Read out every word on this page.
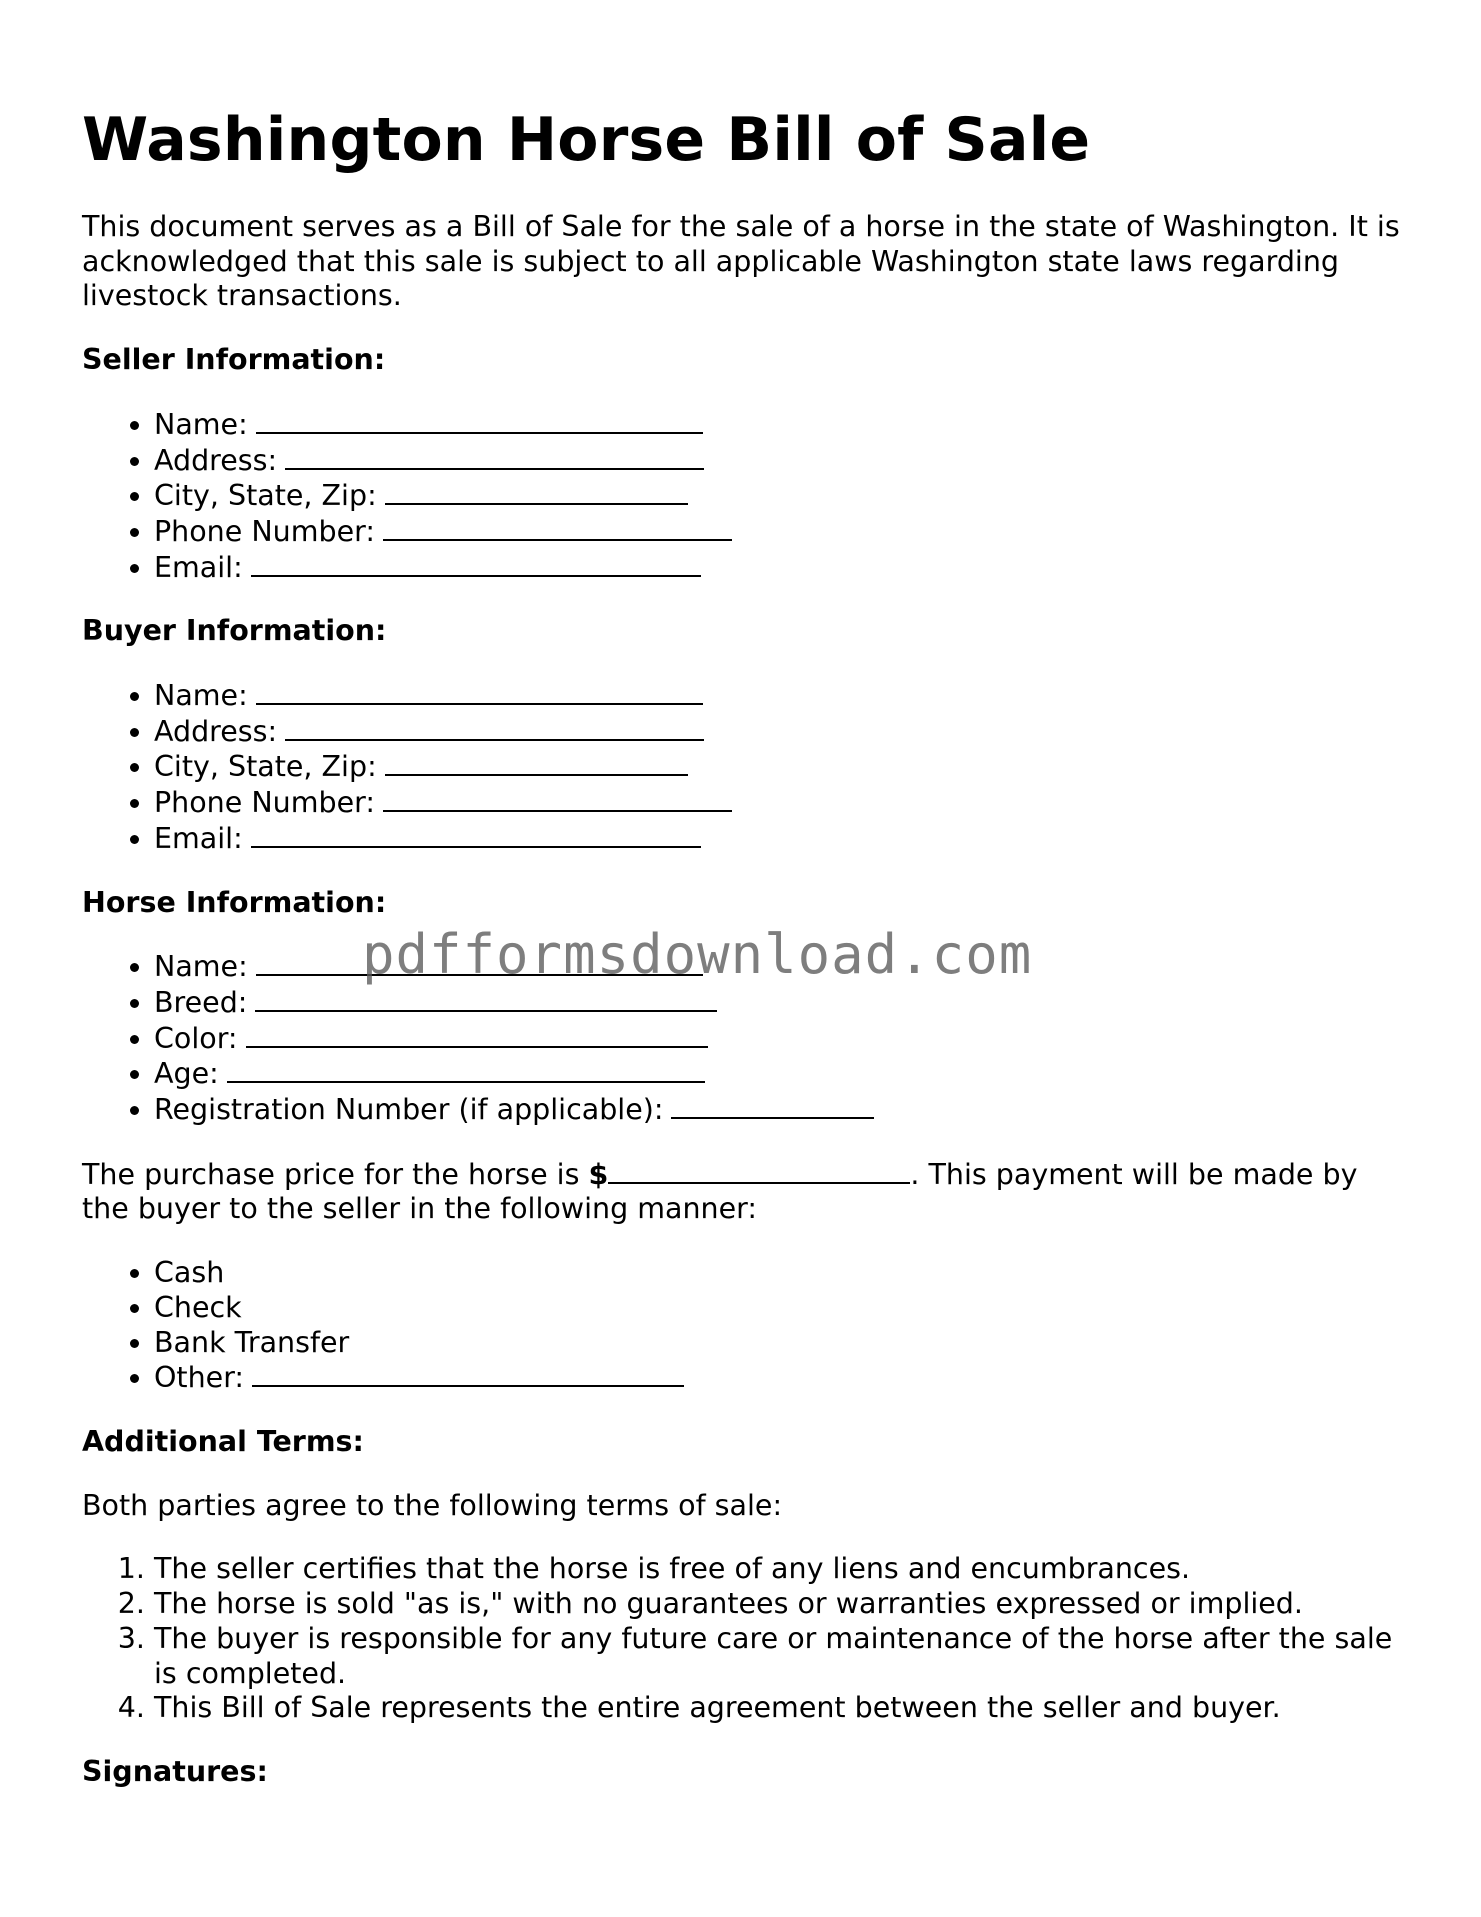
Washington Horse Bill of Sale

This document serves as a Bill of Sale for the sale of a horse in the state of Washington. It is acknowledged that this sale is subject to all applicable Washington state laws regarding livestock transactions.

Seller Information:
• Name:
• Address:
• City, State, Zip:
• Phone Number:
• Email:
Buyer Information:
• Name:
• Address:
• City, State, Zip:
• Phone Number:
• Email:
Horse Information:
• Name:
• Breed:
• Color:
• Age:
• Registration Number (if applicable):

The purchase price for the horse is $	. This payment will be made by the buyer to the seller in the following manner:

• Cash
• Check
• Bank Transfer
• Other:
Additional Terms:

Both parties agree to the following terms of sale:

1. The seller certifies that the horse is free of any liens and encumbrances.
2. The horse is sold "as is," with no guarantees or warranties expressed or implied.
3. The buyer is responsible for any future care or maintenance of the horse after the sale is completed.
4. This Bill of Sale represents the entire agreement between the seller and buyer.
Signatures:
pdfformsdownload.com
